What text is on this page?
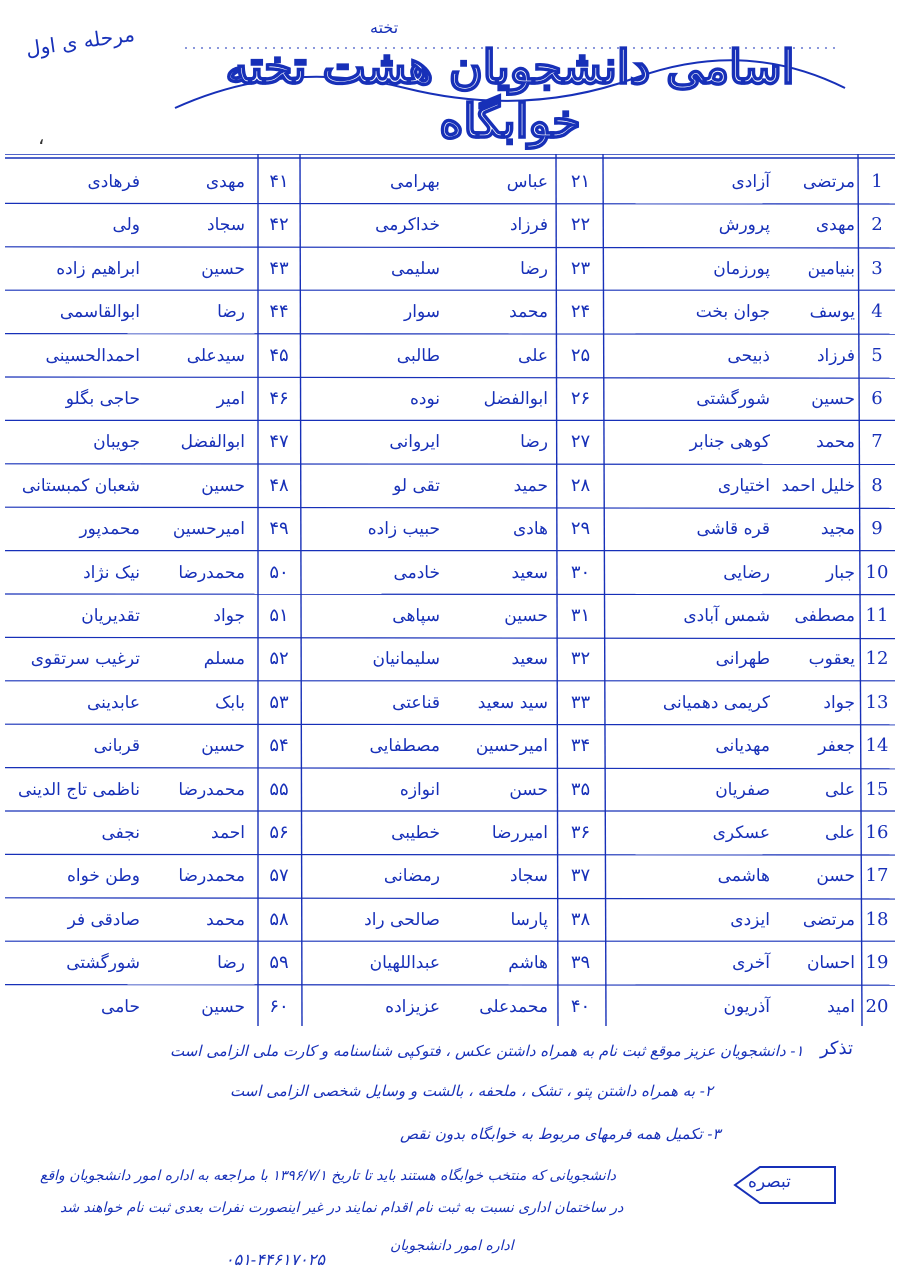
اسامی دانشجویان هشت تخته خوابگاه
تخته
مرحله ی اول
،
1
مرتضی
آزادی
2
مهدی
پرورش
3
بنیامین
پورزمان
4
یوسف
جوان بخت
5
فرزاد
ذبیحی
6
حسین
شورگشتی
7
محمد
کوهی جنابر
8
خلیل احمد
اختیاری
9
مجید
قره قاشی
10
جبار
رضایی
11
مصطفی
شمس آبادی
12
یعقوب
طهرانی
13
جواد
کریمی دهمیانی
14
جعفر
مهدیانی
15
علی
صفریان
16
علی
عسکری
17
حسن
هاشمی
18
مرتضی
ایزدی
19
احسان
آخری
20
امید
آذریون
۲۱
عباس
بهرامی
۲۲
فرزاد
خداکرمی
۲۳
رضا
سلیمی
۲۴
محمد
سوار
۲۵
علی
طالبی
۲۶
ابوالفضل
نوده
۲۷
رضا
ایروانی
۲۸
حمید
تقی لو
۲۹
هادی
حبیب زاده
۳۰
سعید
خادمی
۳۱
حسین
سپاهی
۳۲
سعید
سلیمانیان
۳۳
سید سعید
قناعتی
۳۴
امیرحسین
مصطفایی
۳۵
حسن
انوازه
۳۶
امیررضا
خطیبی
۳۷
سجاد
رمضانی
۳۸
پارسا
صالحی راد
۳۹
هاشم
عبداللهیان
۴۰
محمدعلی
عزیزاده
۴۱
مهدی
فرهادی
۴۲
سجاد
ولی
۴۳
حسین
ابراهیم زاده
۴۴
رضا
ابوالقاسمی
۴۵
سیدعلی
احمدالحسینی
۴۶
امیر
حاجی بگلو
۴۷
ابوالفضل
جویبان
۴۸
حسین
شعبان کمبستانی
۴۹
امیرحسین
محمدپور
۵۰
محمدرضا
نیک نژاد
۵۱
جواد
تقدیریان
۵۲
مسلم
ترغیب سرتقوی
۵۳
بابک
عابدینی
۵۴
حسین
قربانی
۵۵
محمدرضا
ناظمی تاج الدینی
۵۶
احمد
نجفی
۵۷
محمدرضا
وطن خواه
۵۸
محمد
صادقی فر
۵۹
رضا
شورگشتی
۶۰
حسین
حامی
تذکر
۱- دانشجویان عزیز موقع ثبت نام به همراه داشتن عکس ، فتوکپی شناسنامه و کارت ملی الزامی است
۲- به همراه داشتن پتو ، تشک ، ملحفه ، بالشت و وسایل شخصی الزامی است
۳- تکمیل همه فرمهای مربوط به خوابگاه بدون نقص
تبصره
دانشجویانی که منتخب خوابگاه هستند باید تا تاریخ ۱۳۹۶/۷/۱ با مراجعه به اداره امور دانشجویان واقع
در ساختمان اداری نسبت به ثبت نام اقدام نمایند در غیر اینصورت نفرات بعدی ثبت نام خواهند شد
اداره امور دانشجویان
۰۵۱-۴۴۶۱۷۰۲۵
